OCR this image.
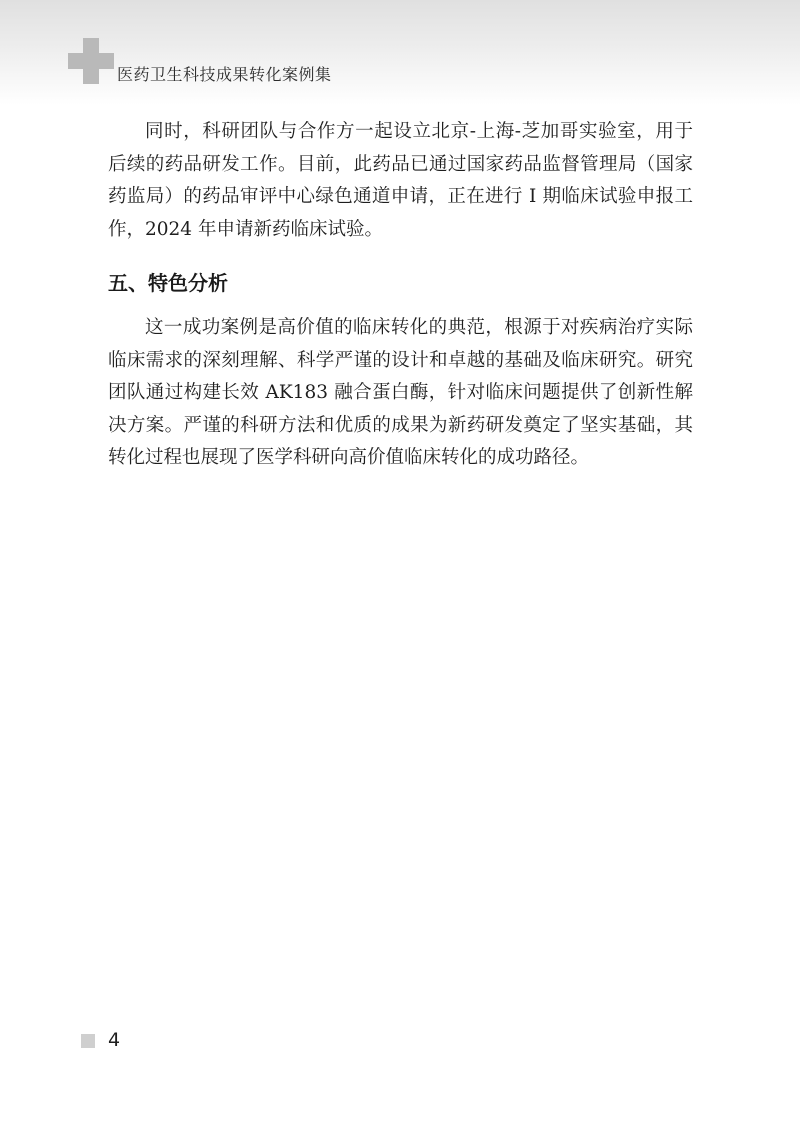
医药卫生科技成果转化案例集

同时，科研团队与合作方一起设立北京-上海-芝加哥实验室，用于后续的药品研发工作。目前，此药品已通过国家药品监督管理局（国家药监局）的药品审评中心绿色通道申请，正在进行 I 期临床试验申报工作，2024 年申请新药临床试验。

五、特色分析

这一成功案例是高价值的临床转化的典范，根源于对疾病治疗实际临床需求的深刻理解、科学严谨的设计和卓越的基础及临床研究。研究团队通过构建长效 AK183 融合蛋白酶，针对临床问题提供了创新性解决方案。严谨的科研方法和优质的成果为新药研发奠定了坚实基础，其转化过程也展现了医学科研向高价值临床转化的成功路径。

4
